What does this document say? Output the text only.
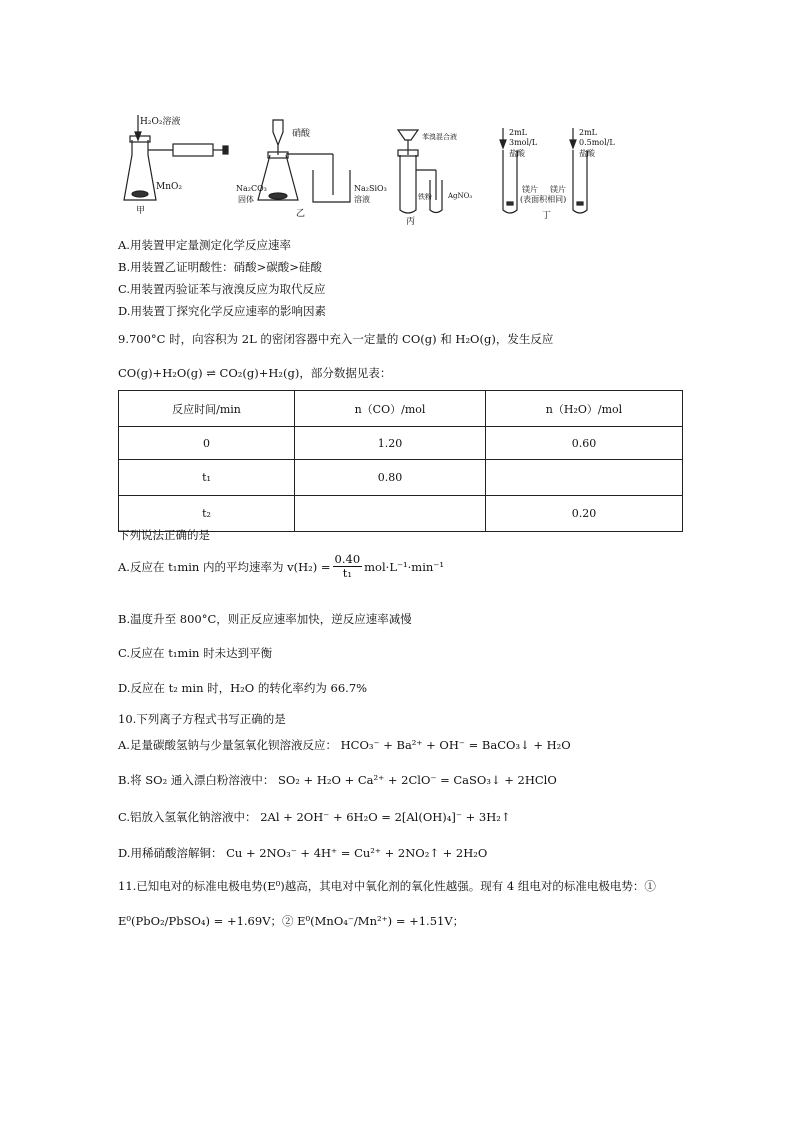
H₂O₂溶液
MnO₂
甲
硝酸
Na₂CO₃
固体
Na₂SiO₃
溶液
乙
苯溴混合液
铁粉 AgNO₃
丙
2mL
3mol/L
盐酸
2mL
0.5mol/L
盐酸
镁片 镁片
(表面积相同)
丁
A.用装置甲定量测定化学反应速率
B.用装置乙证明酸性：硝酸>碳酸>硅酸
C.用装置丙验证苯与液溴反应为取代反应
D.用装置丁探究化学反应速率的影响因素
9.700°C 时，向容积为 2L 的密闭容器中充入一定量的 CO(g) 和 H₂O(g)，发生反应
CO(g)+H₂O(g) ⇌ CO₂(g)+H₂(g)，部分数据见表：
反应时间/min	n（CO）/mol	n（H₂O）/mol
0	1.20	0.60
t₁	0.80	
t₂		0.20
下列说法正确的是
A.反应在 t₁min 内的平均速率为 $v(H_2) = \frac{0.40}{\text{t₁}} mol\cdot L^{-1}\cdot\min^{-1}$
B.温度升至 800°C，则正反应速率加快，逆反应速率减慢
C.反应在 t₁min 时未达到平衡
D.反应在 t₂ min 时，H₂O 的转化率约为 66.7%
10.下列离子方程式书写正确的是
A.足量碳酸氢钠与少量氢氧化钡溶液反应： HCO₃⁻ + Ba²⁺ + OH⁻ = BaCO₃↓ + H₂O
B.将 SO₂ 通入漂白粉溶液中： SO₂ + H₂O + Ca²⁺ + 2ClO⁻ = CaSO₃↓ + 2HClO
C.铝放入氢氧化钠溶液中： 2Al + 2OH⁻ + 6H₂O = 2[Al(OH)₄]⁻ + 3H₂↑
D.用稀硝酸溶解铜： Cu + 2NO₃⁻ + 4H⁺ = Cu²⁺ + 2NO₂↑ + 2H₂O
11.已知电对的标准电极电势(E⁰)越高，其电对中氧化剂的氧化性越强。现有 4 组电对的标准电极电势：①
E⁰(PbO₂/PbSO₄) = +1.69V；② E⁰(MnO₄⁻/Mn²⁺) = +1.51V；
